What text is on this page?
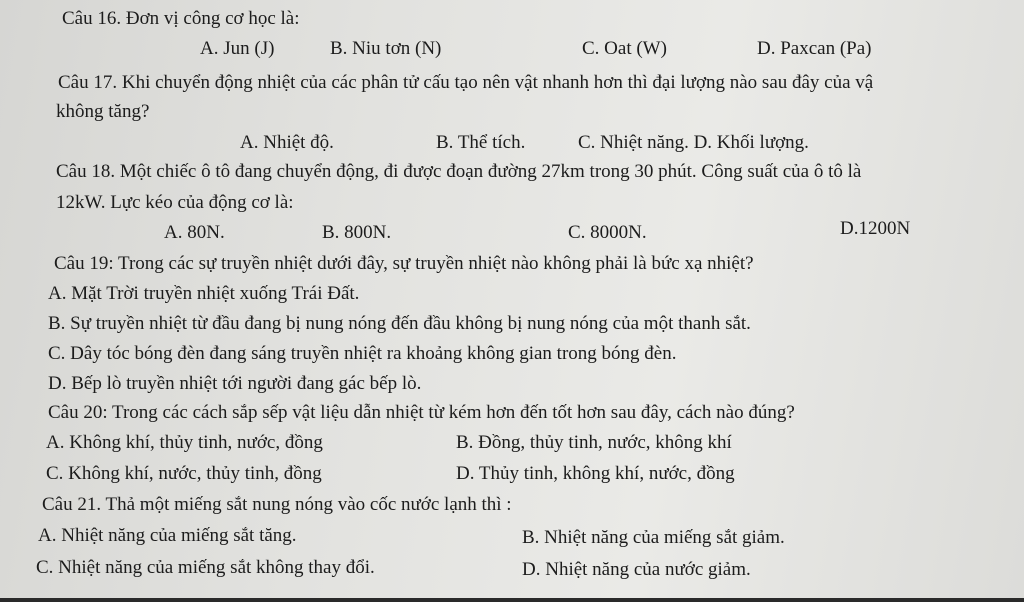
Câu 16. Đơn vị công cơ học là:
A. Jun (J)	B. Niu tơn (N)	C. Oat (W)	D. Paxcan (Pa)
Câu 17. Khi chuyển động nhiệt của các phân tử cấu tạo nên vật nhanh hơn thì đại lượng nào sau đây của vậ
không tăng?
A. Nhiệt độ.	B. Thể tích.	C. Nhiệt năng. D. Khối lượng.
Câu 18. Một chiếc ô tô đang chuyển động, đi được đoạn đường 27km trong 30 phút. Công suất của ô tô là
12kW. Lực kéo của động cơ là:
A. 80N.	B. 800N.	C. 8000N.	D.1200N
Câu 19: Trong các sự truyền nhiệt dưới đây, sự truyền nhiệt nào không phải là bức xạ nhiệt?
A. Mặt Trời truyền nhiệt xuống Trái Đất.
B. Sự truyền nhiệt từ đầu đang bị nung nóng đến đầu không bị nung nóng của một thanh sắt.
C. Dây tóc bóng đèn đang sáng truyền nhiệt ra khoảng không gian trong bóng đèn.
D. Bếp lò truyền nhiệt tới người đang gác bếp lò.
Câu 20: Trong các cách sắp sếp vật liệu dẫn nhiệt từ kém hơn đến tốt hơn sau đây, cách nào đúng?
A. Không khí, thủy tinh, nước, đồng	B. Đồng, thủy tinh, nước, không khí
C. Không khí, nước, thủy tinh, đồng	D. Thủy tinh, không khí, nước, đồng
Câu 21. Thả một miếng sắt nung nóng vào cốc nước lạnh thì :
A. Nhiệt năng của miếng sắt tăng.	B. Nhiệt năng của miếng sắt giảm.
C. Nhiệt năng của miếng sắt không thay đổi.	D. Nhiệt năng của nước giảm.
